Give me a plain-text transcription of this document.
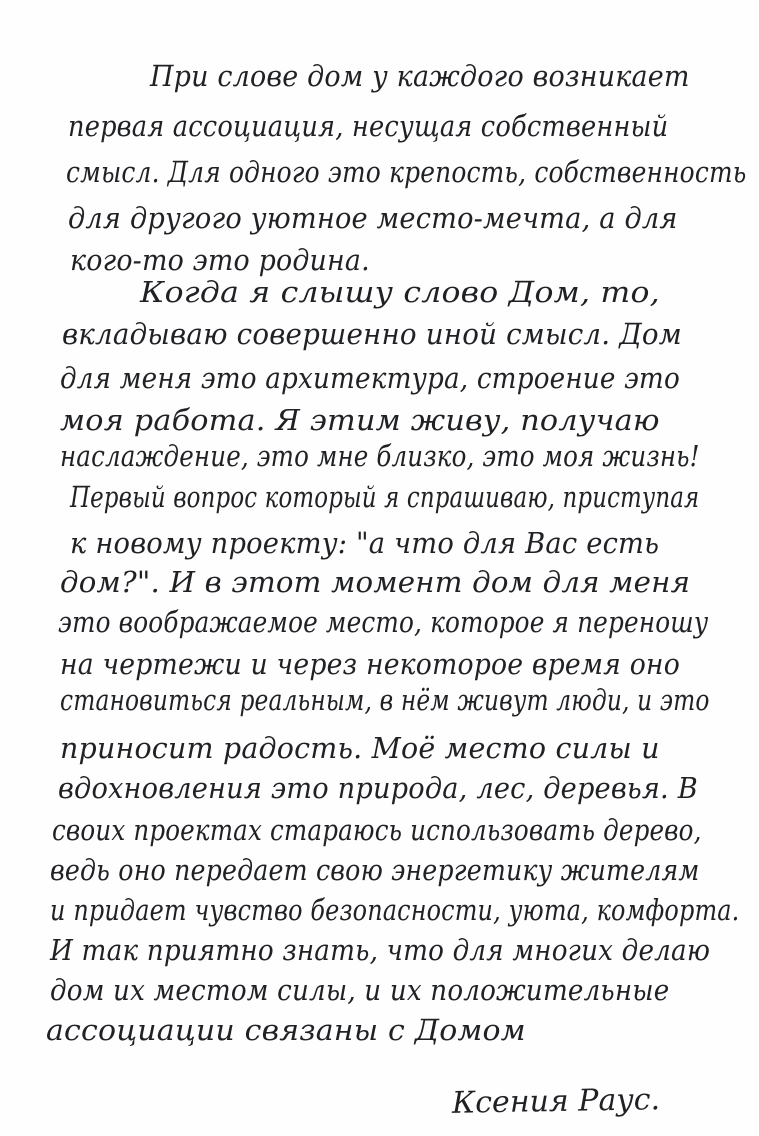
При слове дом у каждого возникает

первая ассоциация, несущая собственный

смысл. Для одного это крепость, собственность

для другого уютное место-мечта, а для

кого-то это родина.

Когда я слышу слово Дом, то,

вкладываю совершенно иной смысл. Дом

для меня это архитектура, строение это

моя работа. Я этим живу, получаю

наслаждение, это мне близко, это моя жизнь!

Первый вопрос который я спрашиваю, приступая

к новому проекту: "а что для Вас есть

дом?". И в этот момент дом для меня

это воображаемое место, которое я переношу

на чертежи и через некоторое время оно

становиться реальным, в нём живут люди, и это

приносит радость. Моё место силы и

вдохновления это природа, лес, деревья. В

своих проектах стараюсь использовать дерево,

ведь оно передает свою энергетику жителям

и придает чувство безопасности, уюта, комфорта.

И так приятно знать, что для многих делаю

дом их местом силы, и их положительные

ассоциации связаны с Домом

Ксения Раус.
